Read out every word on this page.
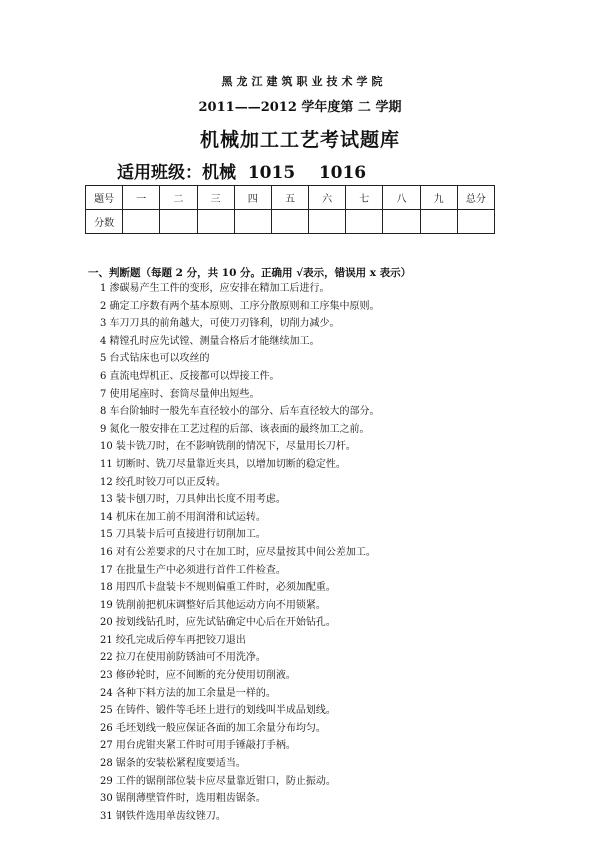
黑龙江建筑职业技术学院
2011——2012 学年度第 二 学期
机械加工工艺考试题库
适用班级：机械  1015    1016
题号	一	二	三	四	五	六	七	八	九	总分
分数										
一、判断题（每题 2 分，共 10 分。正确用 √表示，错误用 x 表示）
1 渗碳易产生工件的变形，应安排在精加工后进行。
2 确定工序数有两个基本原则、工序分散原则和工序集中原则。
3 车刀刀具的前角越大，可使刀刃锋利，切削力减少。
4 精镗孔时应先试镗、测量合格后才能继续加工。
5 台式钻床也可以攻丝的
6 直流电焊机正、反接都可以焊接工件。
7 使用尾座时、套筒尽量伸出短些。
8 车台阶轴时一般先车直径较小的部分、后车直径较大的部分。
9 氮化一般安排在工艺过程的后部、该表面的最终加工之前。
10 装卡铣刀时，在不影响铣削的情况下，尽量用长刀杆。
11 切断时、铣刀尽量靠近夹具，以增加切断的稳定性。
12 绞孔时铰刀可以正反转。
13 装卡刨刀时，刀具伸出长度不用考虑。
14 机床在加工前不用润滑和试运转。
15 刀具装卡后可直接进行切削加工。
16 对有公差要求的尺寸在加工时，应尽量按其中间公差加工。
17 在批量生产中必须进行首件工件检查。
18 用四爪卡盘装卡不规则偏重工件时，必须加配重。
19 铣削前把机床调整好后其他运动方向不用锁紧。
20 按划线钻孔时，应先试钻确定中心后在开始钻孔。
21 绞孔完成后停车再把铰刀退出
22 拉刀在使用前防锈油可不用洗净。
23 修砂轮时，应不间断的充分使用切削液。
24 各种下料方法的加工余量是一样的。
25 在铸件、锻件等毛坯上进行的划线叫半成品划线。
26 毛坯划线一般应保证各面的加工余量分布均匀。
27 用台虎钳夹紧工件时可用手锤敲打手柄。
28 锯条的安装松紧程度要适当。
29 工件的锯削部位装卡应尽量靠近钳口，防止振动。
30 锯削薄壁管件时，选用粗齿锯条。
31 钢铁件选用单齿纹锉刀。
